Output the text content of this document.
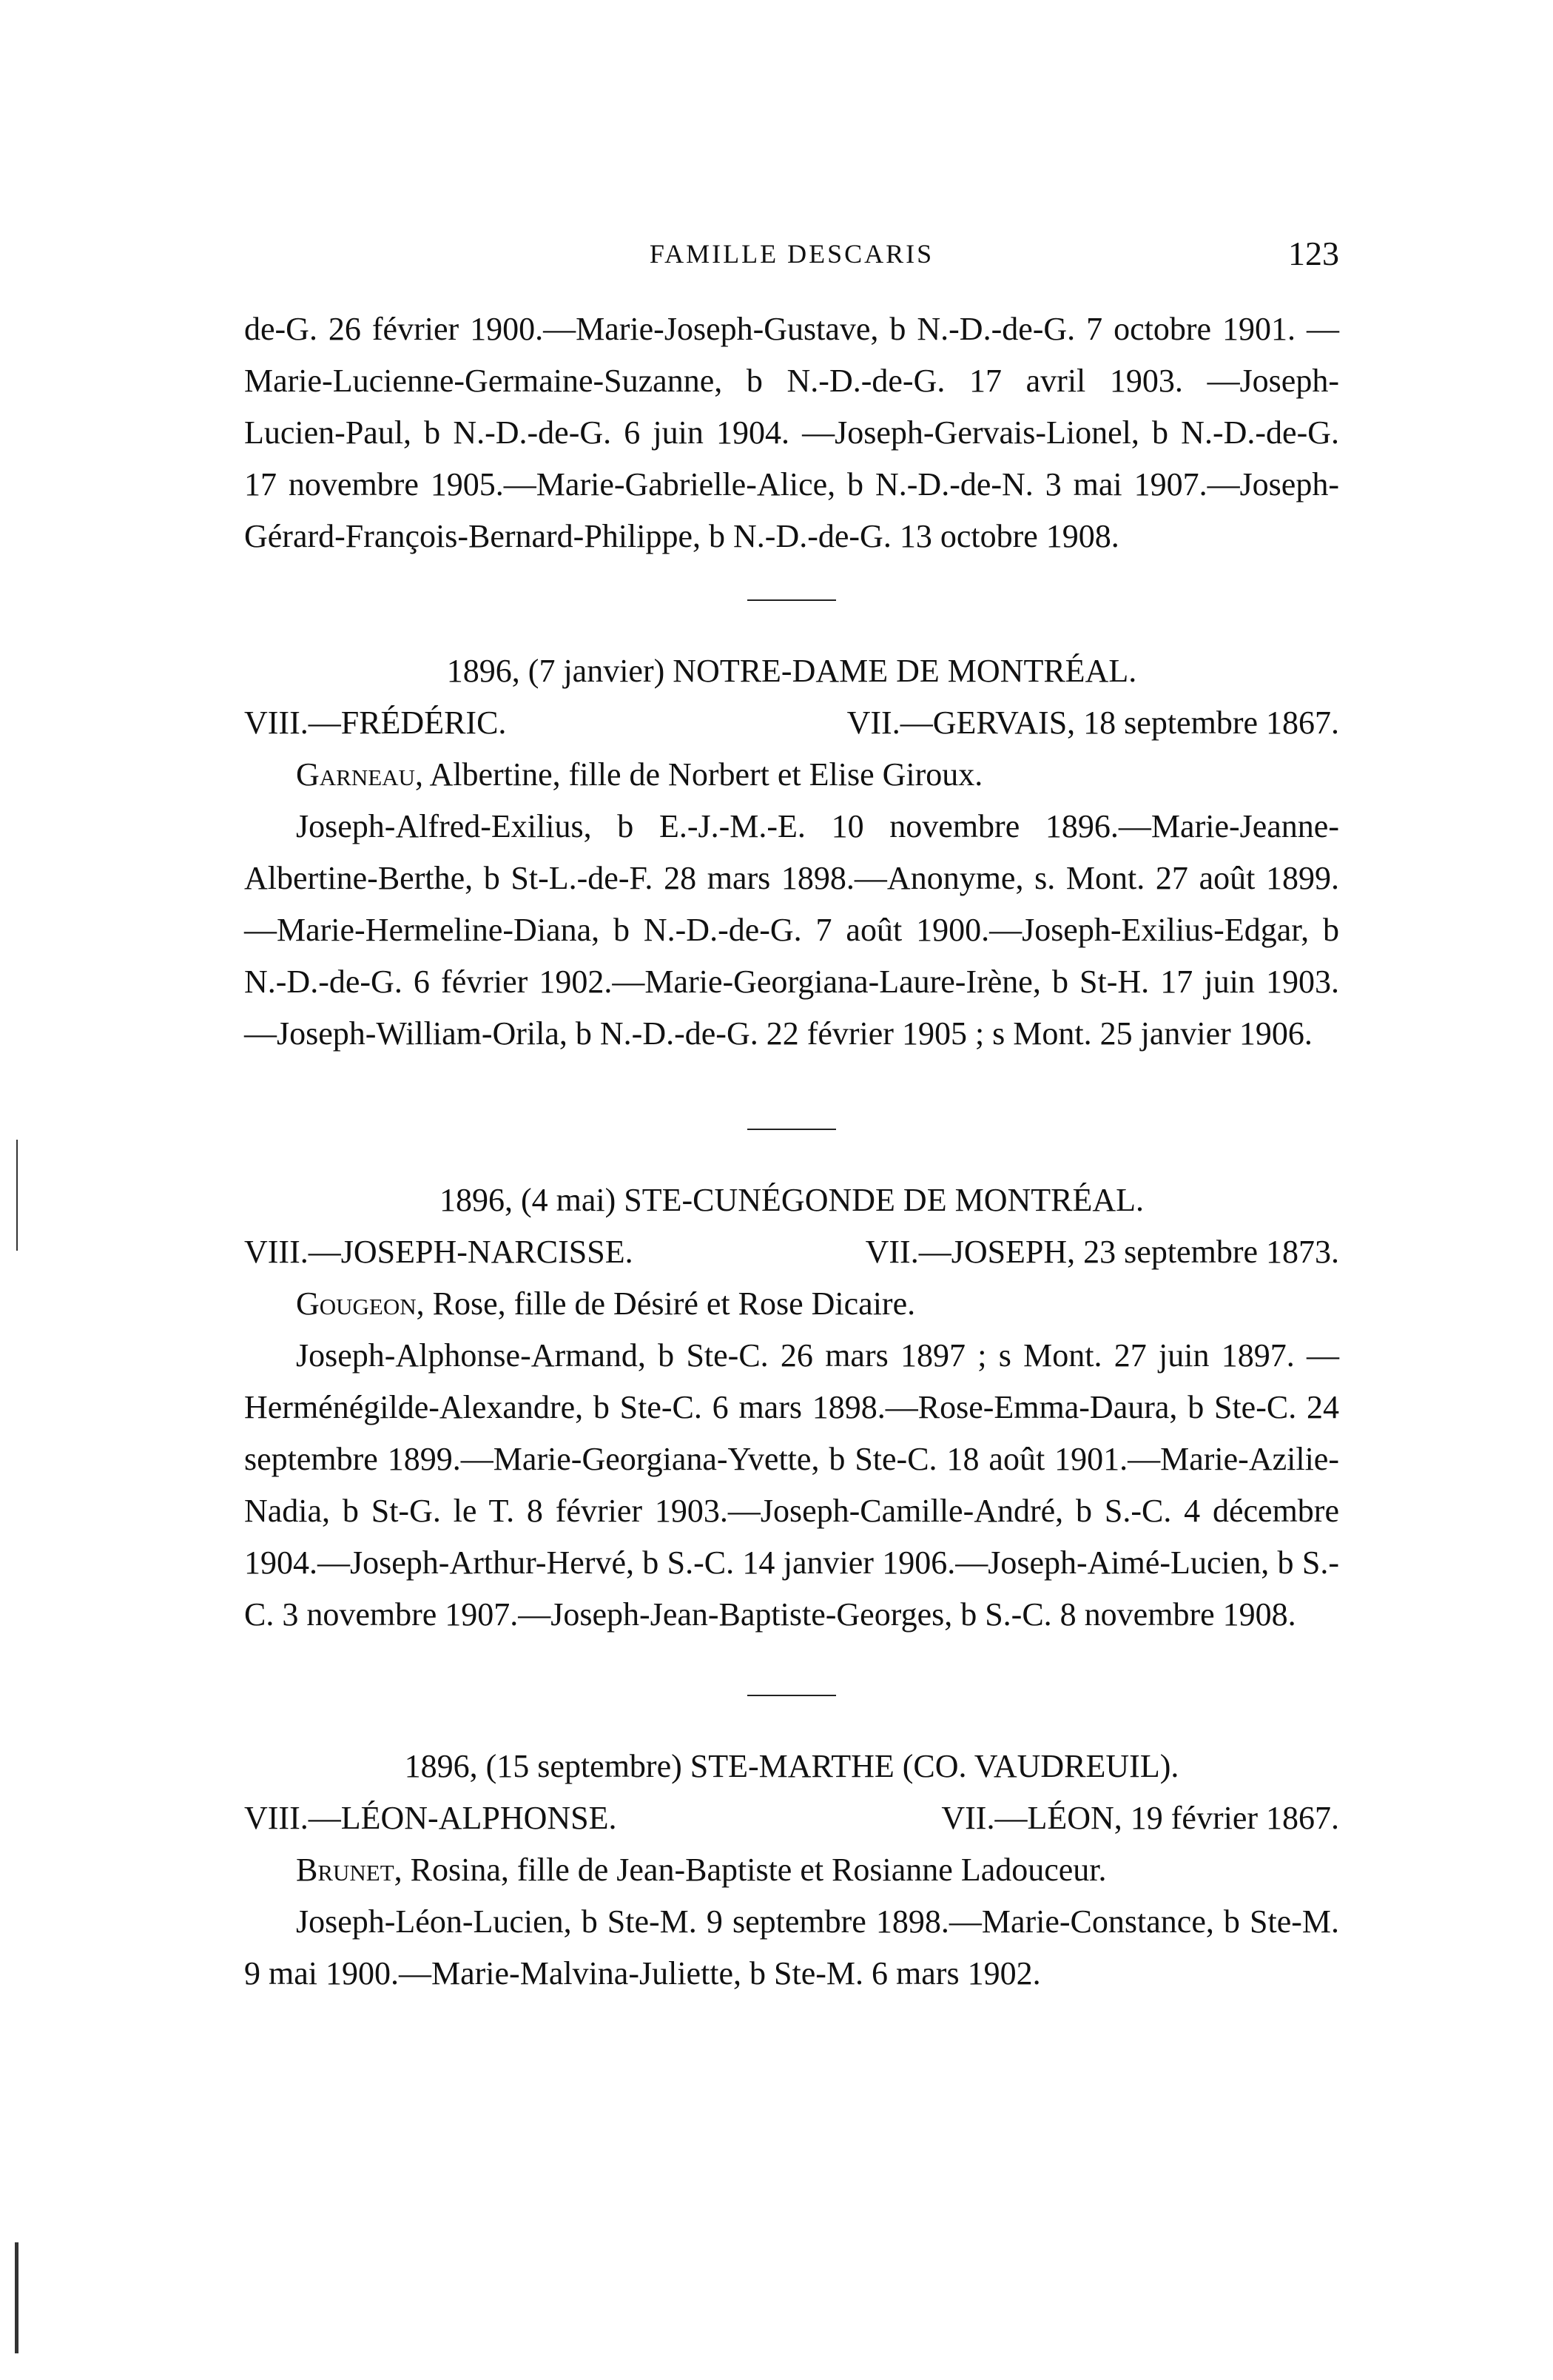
FAMILLE DESCARIS	123

de-G. 26 février 1900.—Marie-Joseph-Gustave, b N.-D.-de-G. 7 octobre 1901. — Marie-Lucienne-Germaine-Suzanne, b N.-D.-de-G. 17 avril 1903. —Joseph-Lucien-Paul, b N.-D.-de-G. 6 juin 1904. —Joseph-Gervais-Lionel, b N.-D.-de-G. 17 novembre 1905.—Marie-Gabrielle-Alice, b N.-D.-de-N. 3 mai 1907.—Joseph-Gérard-François-Bernard-Philippe, b N.-D.-de-G. 13 octobre 1908.

1896, (7 janvier) NOTRE-DAME DE MONTRÉAL.

VIII.—FRÉDÉRIC.	VII.—GERVAIS, 18 septembre 1867.

Garneau, Albertine, fille de Norbert et Elise Giroux.

Joseph-Alfred-Exilius, b E.-J.-M.-E. 10 novembre 1896.—Marie-Jeanne-Albertine-Berthe, b St-L.-de-F. 28 mars 1898.—Anonyme, s. Mont. 27 août 1899.—Marie-Hermeline-Diana, b N.-D.-de-G. 7 août 1900.—Joseph-Exilius-Edgar, b N.-D.-de-G. 6 février 1902.—Marie-Georgiana-Laure-Irène, b St-H. 17 juin 1903.—Joseph-William-Orila, b N.-D.-de-G. 22 février 1905 ; s Mont. 25 janvier 1906.

1896, (4 mai) STE-CUNÉGONDE DE MONTRÉAL.

VIII.—JOSEPH-NARCISSE.	VII.—JOSEPH, 23 septembre 1873.

Gougeon, Rose, fille de Désiré et Rose Dicaire.

Joseph-Alphonse-Armand, b Ste-C. 26 mars 1897 ; s Mont. 27 juin 1897. —Herménégilde-Alexandre, b Ste-C. 6 mars 1898.—Rose-Emma-Daura, b Ste-C. 24 septembre 1899.—Marie-Georgiana-Yvette, b Ste-C. 18 août 1901.—Marie-Azilie-Nadia, b St-G. le T. 8 février 1903.—Joseph-Camille-André, b S.-C. 4 décembre 1904.—Joseph-Arthur-Hervé, b S.-C. 14 janvier 1906.—Joseph-Aimé-Lucien, b S.-C. 3 novembre 1907.—Joseph-Jean-Baptiste-Georges, b S.-C. 8 novembre 1908.

1896, (15 septembre) STE-MARTHE (CO. VAUDREUIL).

VIII.—LÉON-ALPHONSE.	VII.—LÉON, 19 février 1867.

Brunet, Rosina, fille de Jean-Baptiste et Rosianne Ladouceur.

Joseph-Léon-Lucien, b Ste-M. 9 septembre 1898.—Marie-Constance, b Ste-M. 9 mai 1900.—Marie-Malvina-Juliette, b Ste-M. 6 mars 1902.
